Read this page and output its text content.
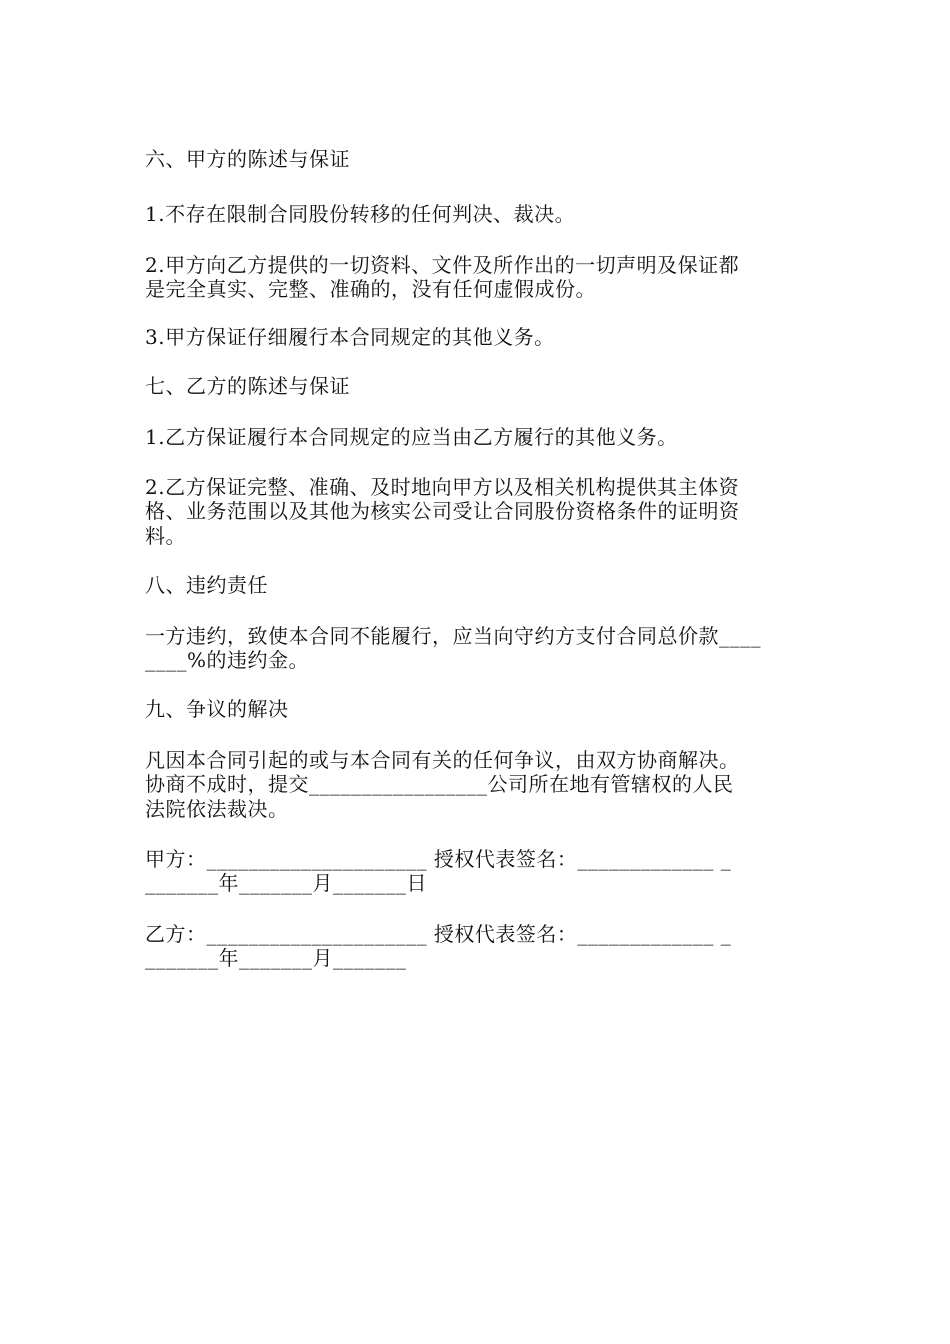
六、甲方的陈述与保证
1.不存在限制合同股份转移的任何判决、裁决。
2.甲方向乙方提供的一切资料、文件及所作出的一切声明及保证都
是完全真实、完整、准确的，没有任何虚假成份。
3.甲方保证仔细履行本合同规定的其他义务。
七、乙方的陈述与保证
1.乙方保证履行本合同规定的应当由乙方履行的其他义务。
2.乙方保证完整、准确、及时地向甲方以及相关机构提供其主体资
格、业务范围以及其他为核实公司受让合同股份资格条件的证明资
料。
八、违约责任
一方违约，致使本合同不能履行，应当向守约方支付合同总价款____
____%的违约金。
九、争议的解决
凡因本合同引起的或与本合同有关的任何争议，由双方协商解决。
协商不成时，提交_________________公司所在地有管辖权的人民
法院依法裁决。
甲方：_____________________ 授权代表签名：_____________ _
_______年_______月_______日
乙方：_____________________ 授权代表签名：_____________ _
_______年_______月_______
